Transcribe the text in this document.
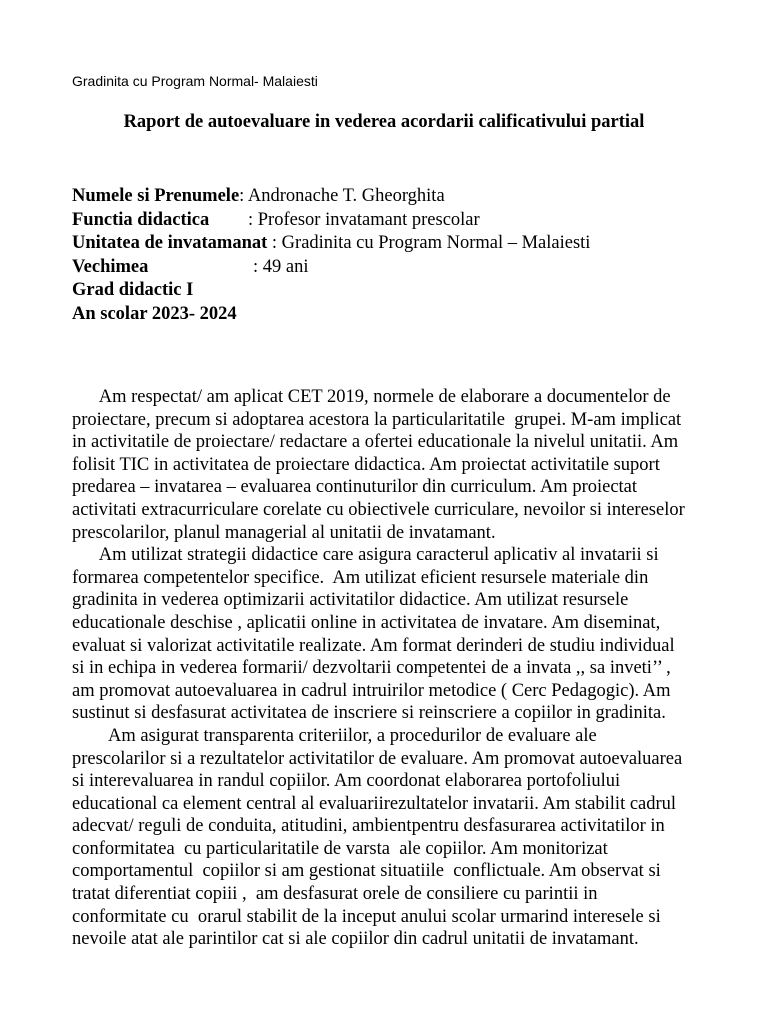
Gradinita cu Program Normal- Malaiesti
Raport de autoevaluare in vederea acordarii calificativului partial
Numele si Prenumele: Andronache T. Gheorghita
Functia didactica : Profesor invatamant prescolar
Unitatea de invatamanat : Gradinita cu Program Normal – Malaiesti
Vechimea	: 49 ani
Grad didactic I
An scolar 2023- 2024
Am respectat/ am aplicat CET 2019, normele de elaborare a documentelor de
proiectare, precum si adoptarea acestora la particularitatile  grupei. M-am implicat
in activitatile de proiectare/ redactare a ofertei educationale la nivelul unitatii. Am
folisit TIC in activitatea de proiectare didactica. Am proiectat activitatile suport
predarea – invatarea – evaluarea continuturilor din curriculum. Am proiectat
activitati extracurriculare corelate cu obiectivele curriculare, nevoilor si intereselor
prescolarilor, planul managerial al unitatii de invatamant.
Am utilizat strategii didactice care asigura caracterul aplicativ al invatarii si
formarea competentelor specifice.  Am utilizat eficient resursele materiale din
gradinita in vederea optimizarii activitatilor didactice. Am utilizat resurselе
educationale deschise , aplicatii online in activitatea de invatare. Am diseminat,
evaluat si valorizat activitatile realizate. Am format derinderi de studiu individual
si in echipa in vederea formarii/ dezvoltarii competentei de a invata ,, sa inveti’’ ,
am promovat autoevaluarea in cadrul intruirilor metodice ( Cerc Pedagogic). Am
sustinut si desfasurat activitatea de inscriere si reinscriere a copiilor in gradinita.
Am asigurat transparenta criteriilor, a procedurilor de evaluare ale
prescolarilor si a rezultatelor activitatilor de evaluare. Am promovat autoevaluarea
si interevaluarea in randul copiilor. Am coordonat elaborarea portofoliului
educational ca element central al evaluariirezultatelor invatarii. Am stabilit cadrul
adecvat/ reguli de conduita, atitudini, ambientpentru desfasurarea activitatilor in
conformitatea  cu particularitatile de varsta  ale copiilor. Am monitorizat
comportamentul  copiilor si am gestionat situatiile  conflictuale. Am observat si
tratat diferentiat copiii ,  am desfasurat orele de consiliere cu parintii in
conformitate cu  orarul stabilit de la inceput anului scolar urmarind interesele si
nevoile atat ale parintilor cat si ale copiilor din cadrul unitatii de invatamant.
